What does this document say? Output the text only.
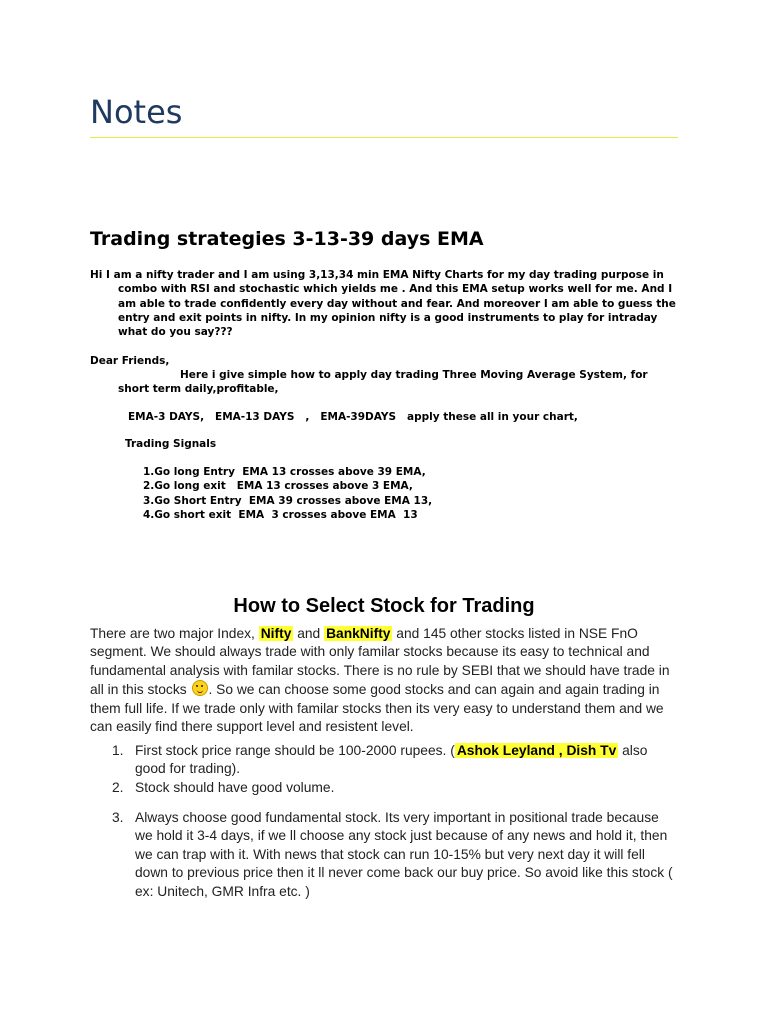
Notes
Trading strategies 3-13-39 days EMA
Hi I am a nifty trader and I am using 3,13,34 min EMA Nifty Charts for my day trading purpose in
combo with RSI and stochastic which yields me . And this EMA setup works well for me. And I am able to trade confidently every day without and fear. And moreover I am able to guess the entry and exit points in nifty. In my opinion nifty is a good instruments to play for intraday what do you say???
Dear Friends,
Here i give simple how to apply day trading Three Moving Average System, for short term daily,profitable,
EMA-3 DAYS,   EMA-13 DAYS   ,   EMA-39DAYS   apply these all in your chart,
Trading Signals
1.Go long Entry  EMA 13 crosses above 39 EMA,
2.Go long exit   EMA 13 crosses above 3 EMA,
3.Go Short Entry  EMA 39 crosses above EMA 13,
4.Go short exit  EMA  3 crosses above EMA  13
How to Select Stock for Trading

There are two major Index, Nifty and BankNifty and 145 other stocks listed in NSE FnO segment. We should always trade with only familar stocks because its easy to technical and fundamental analysis with familar stocks. There is no rule by SEBI that we should have trade in all in this stocks . So we can choose some good stocks and can again and again trading in them full life. If we trade only with familar stocks then its very easy to understand them and we can easily find there support level and resistent level.

1. First stock price range should be 100-2000 rupees. ( Ashok Leyland , Dish Tv also good for trading).
2. Stock should have good volume.
3. Always choose good fundamental stock. Its very important in positional trade because we hold it 3-4 days, if we ll choose any stock just because of any news and hold it, then we can trap with it. With news that stock can run 10-15% but very next day it will fell down to previous price then it ll never come back our buy price. So avoid like this stock ( ex: Unitech, GMR Infra etc. )
